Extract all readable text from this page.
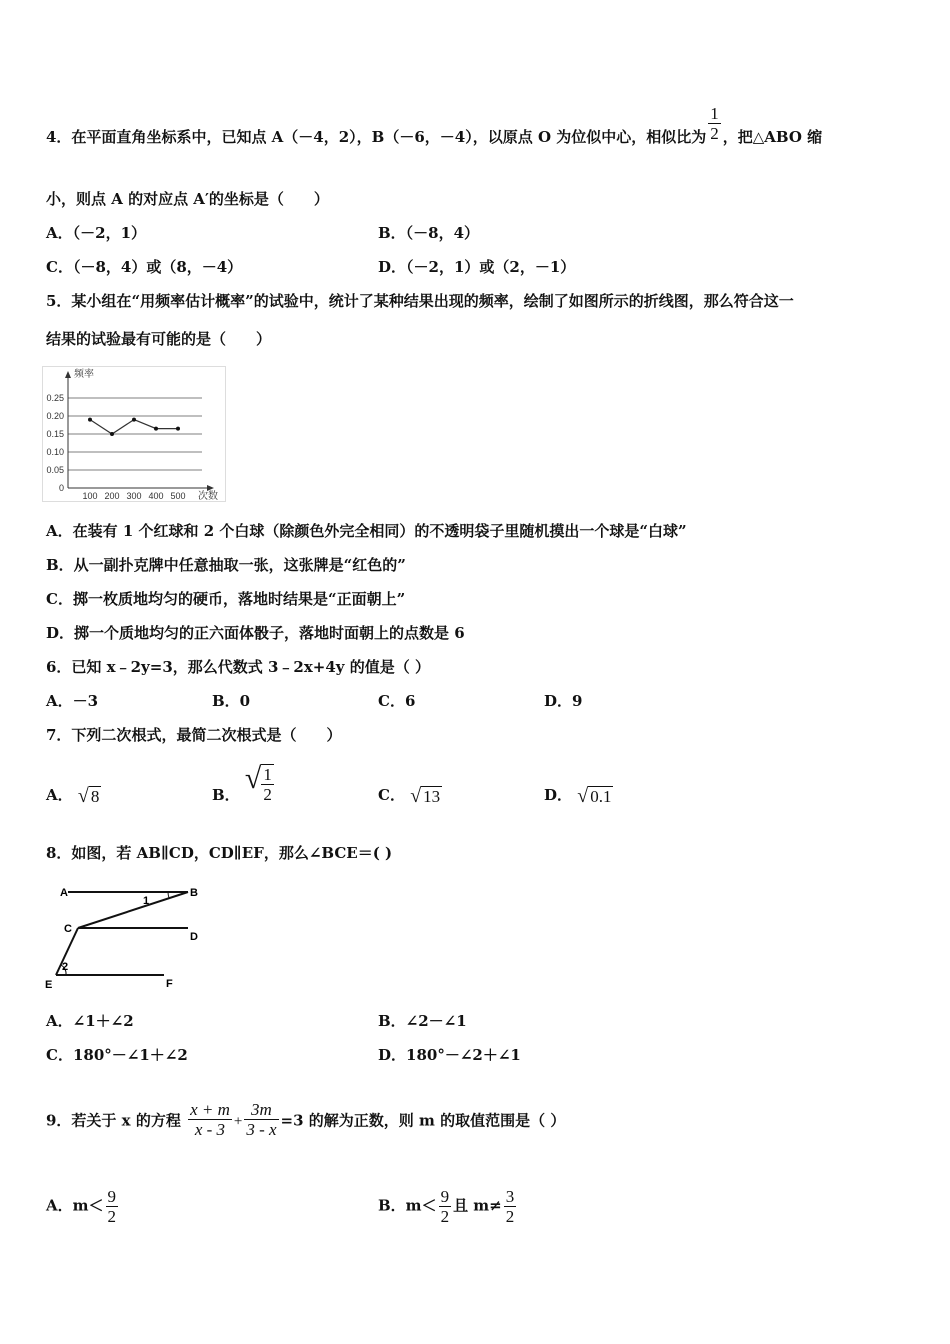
4．在平面直角坐标系中，已知点 A（－4，2），B（－6，－4），以原点 O 为位似中心，相似比为 $\frac{1}{2}$ ，把△ABO 缩
小，则点 A 的对应点 A′的坐标是（　　）
A．（－2，1）	B．（－8，4）
C．（－8，4）或（8，－4）	D．（－2，1）或（2，－1）
5．某小组在“用频率估计概率”的试验中，统计了某种结果出现的频率，绘制了如图所示的折线图，那么符合这一
结果的试验最有可能的是（　　）
0.25
0.20
0.15
0.10
0.05
0
100 200 300 400 500
频率
次数
A．在装有 1 个红球和 2 个白球（除颜色外完全相同）的不透明袋子里随机摸出一个球是“白球”
B．从一副扑克牌中任意抽取一张，这张牌是“红色的”
C．掷一枚质地均匀的硬币，落地时结果是“正面朝上”
D．掷一个质地均匀的正六面体骰子，落地时面朝上的点数是 6
6．已知 x﹣2y=3，那么代数式 3﹣2x+4y 的值是（ ）
A．－3	B．0	C．6	D．9
7．下列二次根式，最简二次根式是（　　）
A． √ 8	B． √ $\frac{1}{2}$	C． √ 13	D． √ 0.1
8．如图，若 AB∥CD，CD∥EF，那么∠BCE＝( )
A	B
C
D
E	F
1
2
A．∠1＋∠2	B．∠2－∠1
C．180°－∠1＋∠2	D．180°－∠2＋∠1
9．若关于 x 的方程 $\frac{x + m}{x - 3} + \frac{3m}{3 - x} =3$ 的解为正数，则 m 的取值范围是（ ）
A．$m< \frac{9}{2}$	B．$m< \frac{9}{2}$ 且 $m\ne \frac{3}{2}$
